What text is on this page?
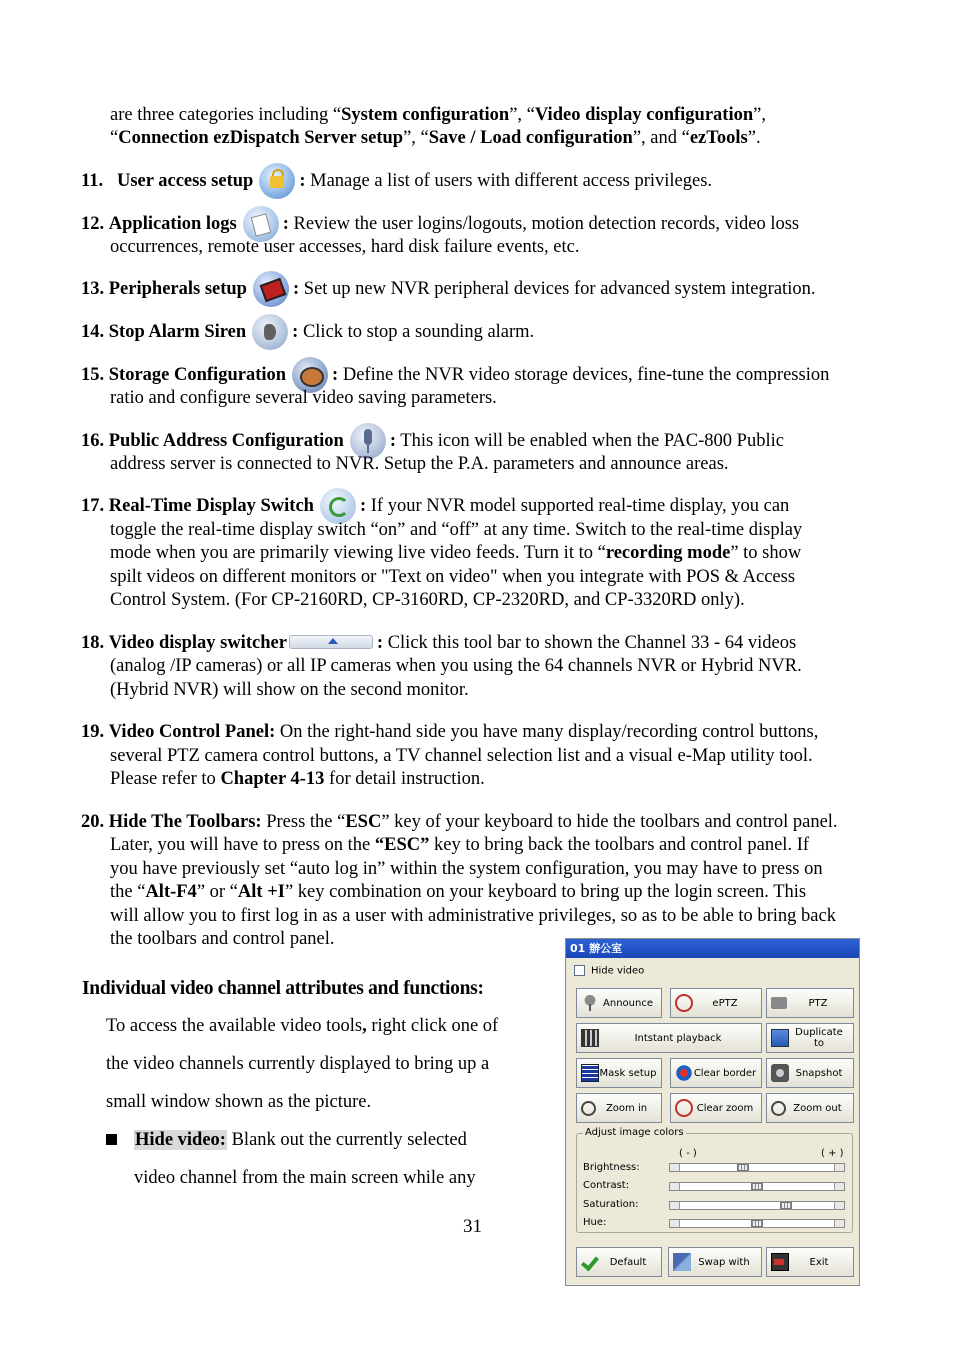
are three categories including “System configuration”, “Video display configuration”,
“Connection ezDispatch Server setup”, “Save / Load configuration”, and “ezTools”.
11. User access setup : Manage a list of users with different access privileges.
12. Application logs : Review the user logins/logouts, motion detection records, video loss
occurrences, remote user accesses, hard disk failure events, etc.
13. Peripherals setup : Set up new NVR peripheral devices for advanced system integration.
14. Stop Alarm Siren : Click to stop a sounding alarm.
15. Storage Configuration : Define the NVR video storage devices, fine-tune the compression
ratio and configure several video saving parameters.
16. Public Address Configuration : This icon will be enabled when the PAC-800 Public
address server is connected to NVR. Setup the P.A. parameters and announce areas.
17. Real-Time Display Switch : If your NVR model supported real-time display, you can
toggle the real-time display switch “on” and “off” at any time. Switch to the real-time display
mode when you are primarily viewing live video feeds. Turn it to “recording mode” to show
spilt videos on different monitors or "Text on video" when you integrate with POS & Access
Control System. (For CP-2160RD, CP-3160RD, CP-2320RD, and CP-3320RD only).
18. Video display switcher	: Click this tool bar to shown the Channel 33 - 64 videos
(analog /IP cameras) or all IP cameras when you using the 64 channels NVR or Hybrid NVR.
(Hybrid NVR) will show on the second monitor.
19. Video Control Panel: On the right-hand side you have many display/recording control buttons,
several PTZ camera control buttons, a TV channel selection list and a visual e-Map utility tool.
Please refer to Chapter 4-13 for detail instruction.
20. Hide The Toolbars: Press the “ESC” key of your keyboard to hide the toolbars and control panel.
Later, you will have to press on the “ESC” key to bring back the toolbars and control panel. If
you have previously set “auto log in” within the system configuration, you may have to press on
the “Alt-F4” or “Alt +I” key combination on your keyboard to bring up the login screen. This
will allow you to first log in as a user with administrative privileges, so as to be able to bring back
the toolbars and control panel.
Individual video channel attributes and functions:
To access the available video tools, right click one of
the video channels currently displayed to bring up a
small window shown as the picture.
Hide video: Blank out the currently selected
video channel from the main screen while any
31
01 辦公室
Hide video
Announce	ePTZ	PTZ
Intstant playback	Duplicate to
Mask setup	Clear border	Snapshot
Zoom in	Clear zoom	Zoom out
Adjust image colors
( - )	( + )
Brightness:
Contrast:
Saturation:
Hue:
Default	Swap with	Exit
